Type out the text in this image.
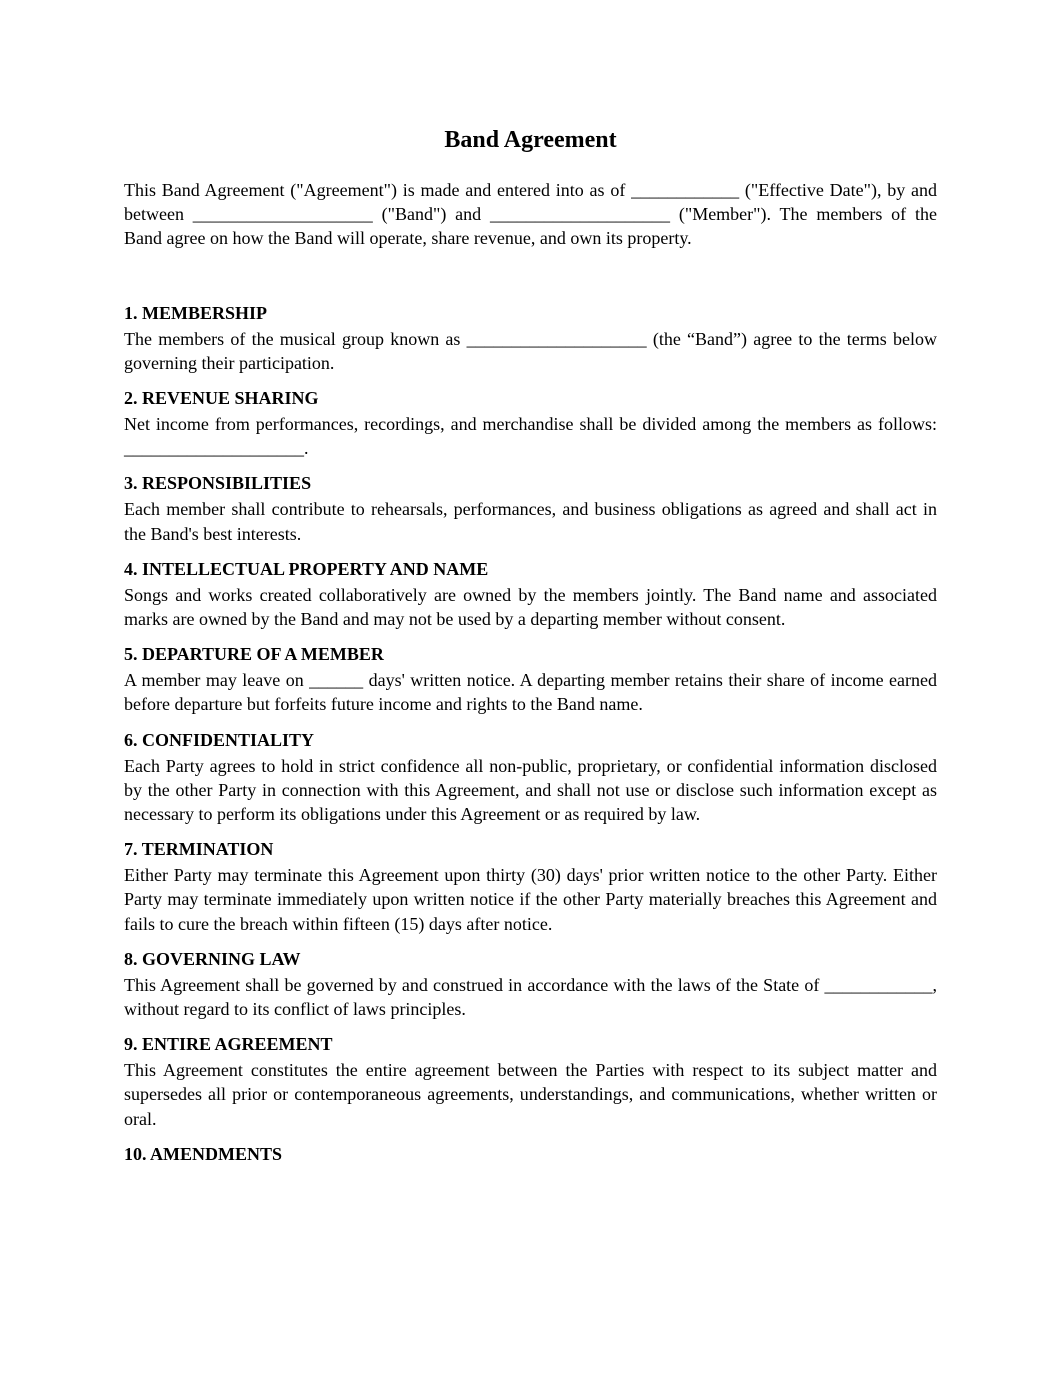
Band Agreement

This Band Agreement ("Agreement") is made and entered into as of ____________ ("Effective Date"), by and between ____________________ ("Band") and ____________________ ("Member"). The members of the Band agree on how the Band will operate, share revenue, and own its property.

1. MEMBERSHIP

The members of the musical group known as ____________________ (the “Band”) agree to the terms below governing their participation.

2. REVENUE SHARING

Net income from performances, recordings, and merchandise shall be divided among the members as follows: ____________________.

3. RESPONSIBILITIES

Each member shall contribute to rehearsals, performances, and business obligations as agreed and shall act in the Band's best interests.

4. INTELLECTUAL PROPERTY AND NAME

Songs and works created collaboratively are owned by the members jointly. The Band name and associated marks are owned by the Band and may not be used by a departing member without consent.

5. DEPARTURE OF A MEMBER

A member may leave on ______ days' written notice. A departing member retains their share of income earned before departure but forfeits future income and rights to the Band name.

6. CONFIDENTIALITY

Each Party agrees to hold in strict confidence all non-public, proprietary, or confidential information disclosed by the other Party in connection with this Agreement, and shall not use or disclose such information except as necessary to perform its obligations under this Agreement or as required by law.

7. TERMINATION

Either Party may terminate this Agreement upon thirty (30) days' prior written notice to the other Party. Either Party may terminate immediately upon written notice if the other Party materially breaches this Agreement and fails to cure the breach within fifteen (15) days after notice.

8. GOVERNING LAW

This Agreement shall be governed by and construed in accordance with the laws of the State of ____________, without regard to its conflict of laws principles.

9. ENTIRE AGREEMENT

This Agreement constitutes the entire agreement between the Parties with respect to its subject matter and supersedes all prior or contemporaneous agreements, understandings, and communications, whether written or oral.

10. AMENDMENTS
